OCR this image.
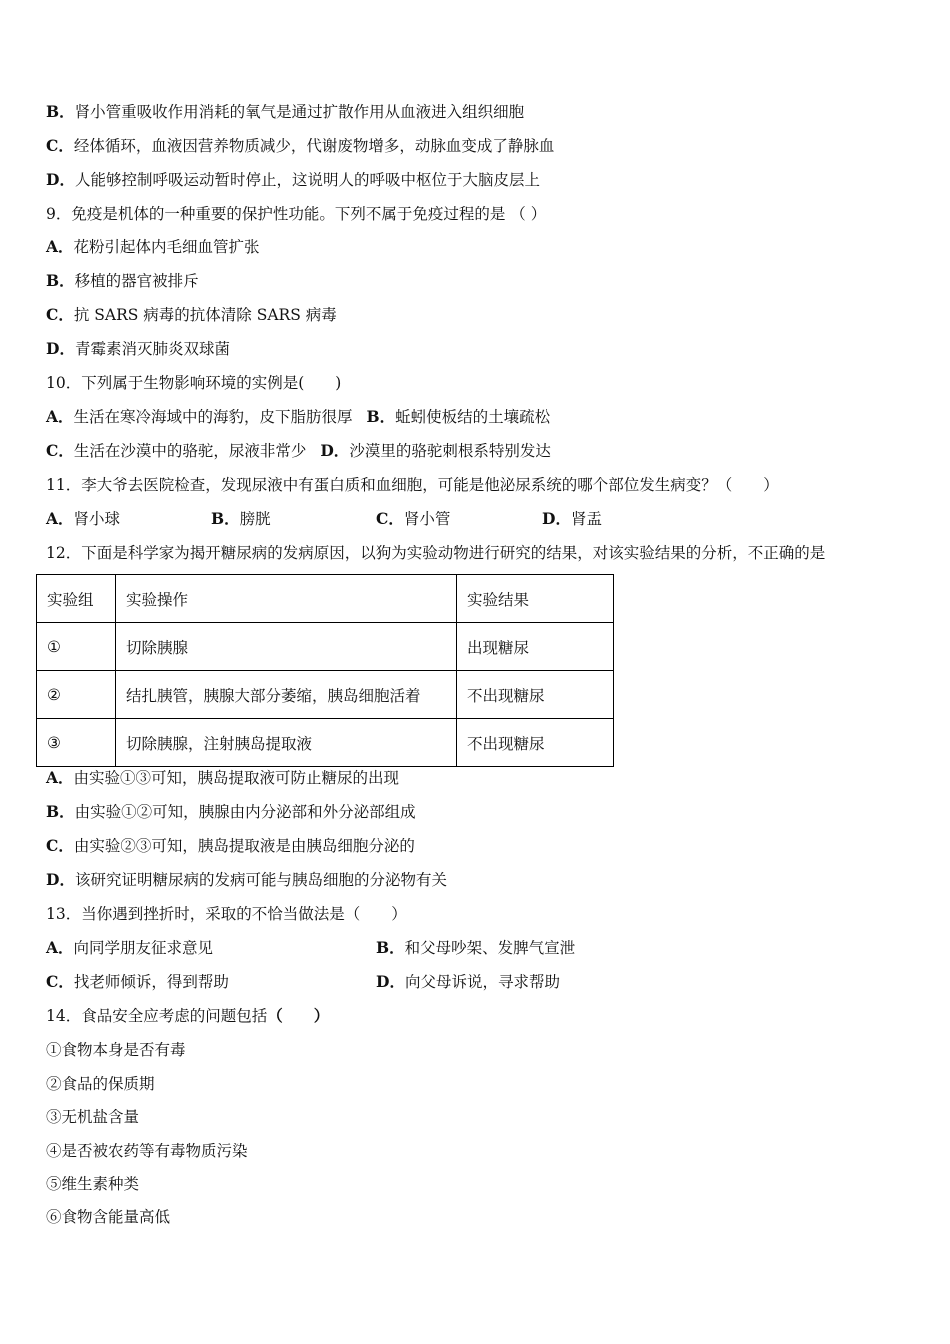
B．肾小管重吸收作用消耗的氧气是通过扩散作用从血液进入组织细胞
C．经体循环，血液因营养物质减少，代谢废物增多，动脉血变成了静脉血
D．人能够控制呼吸运动暂时停止，这说明人的呼吸中枢位于大脑皮层上
9．免疫是机体的一种重要的保护性功能。下列不属于免疫过程的是 （ ）
A．花粉引起体内毛细血管扩张
B．移植的器官被排斥
C．抗 SARS 病毒的抗体清除 SARS 病毒
D．青霉素消灭肺炎双球菌
10．下列属于生物影响环境的实例是(　　)
A．生活在寒冷海域中的海豹，皮下脂肪很厚 B．蚯蚓使板结的土壤疏松
C．生活在沙漠中的骆驼，尿液非常少 D．沙漠里的骆驼刺根系特别发达
11．李大爷去医院检查，发现尿液中有蛋白质和血细胞，可能是他泌尿系统的哪个部位发生病变？（　　）
A．肾小球	B．膀胱	C．肾小管	D．肾盂
12．下面是科学家为揭开糖尿病的发病原因，以狗为实验动物进行研究的结果，对该实验结果的分析，不正确的是
实验组	实验操作	实验结果
①	切除胰腺	出现糖尿
②	结扎胰管，胰腺大部分萎缩，胰岛细胞活着	不出现糖尿
③	切除胰腺，注射胰岛提取液	不出现糖尿
A．由实验①③可知，胰岛提取液可防止糖尿的出现
B．由实验①②可知，胰腺由内分泌部和外分泌部组成
C．由实验②③可知，胰岛提取液是由胰岛细胞分泌的
D．该研究证明糖尿病的发病可能与胰岛细胞的分泌物有关
13．当你遇到挫折时，采取的不恰当做法是（　　）
A．向同学朋友征求意见	B．和父母吵架、发脾气宣泄
C．找老师倾诉，得到帮助	D．向父母诉说，寻求帮助
14．食品安全应考虑的问题包括（　　）
①食物本身是否有毒
②食品的保质期
③无机盐含量
④是否被农药等有毒物质污染
⑤维生素种类
⑥食物含能量高低
